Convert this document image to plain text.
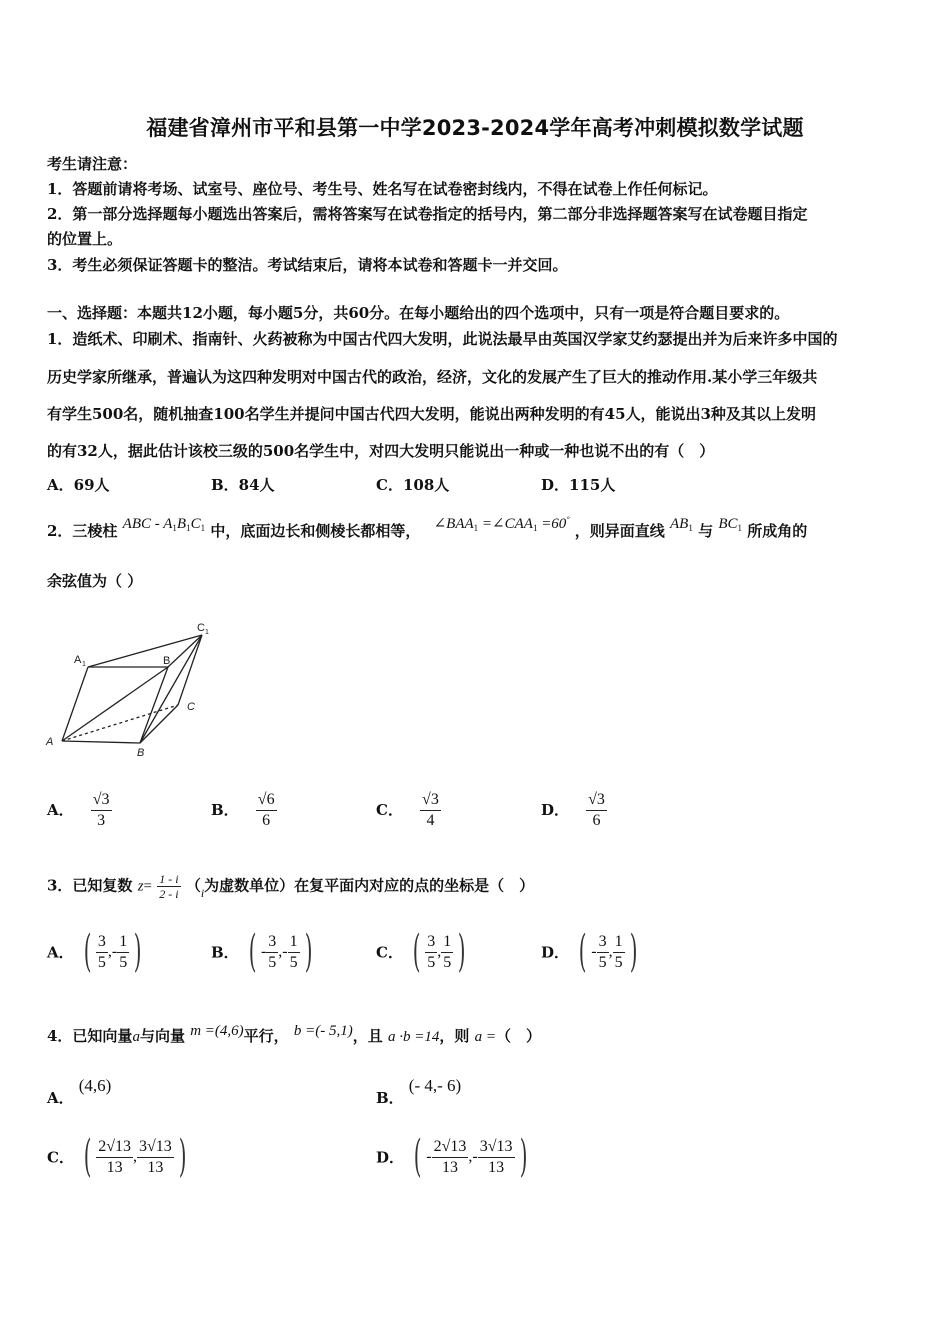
福建省漳州市平和县第一中学2023-2024学年高考冲刺模拟数学试题
考生请注意：
1．答题前请将考场、试室号、座位号、考生号、姓名写在试卷密封线内，不得在试卷上作任何标记。
2．第一部分选择题每小题选出答案后，需将答案写在试卷指定的括号内，第二部分非选择题答案写在试卷题目指定
的位置上。
3．考生必须保证答题卡的整洁。考试结束后，请将本试卷和答题卡一并交回。
一、选择题：本题共12小题，每小题5分，共60分。在每小题给出的四个选项中，只有一项是符合题目要求的。
1．造纸术、印刷术、指南针、火药被称为中国古代四大发明，此说法最早由英国汉学家艾约瑟提出并为后来许多中国的
历史学家所继承，普遍认为这四种发明对中国古代的政治，经济，文化的发展产生了巨大的推动作用.某小学三年级共
有学生500名，随机抽查100名学生并提问中国古代四大发明，能说出两种发明的有45人，能说出3种及其以上发明
的有32人，据此估计该校三级的500名学生中，对四大发明只能说出一种或一种也说不出的有（　）
A．69人	B．84人	C．108人	D．115人
2．三棱柱 ABC - $A_1B_1C_1$ 中，底面边长和侧棱长都相等， $\angle BAA_1$ $=\angle CAA_1 =60^\circ$ ，则异面直线 $AB_1$ 与 $BC_1$ 所成角的
余弦值为（ ）
A 1	B
C 1
C
A
B
A． $\frac{√3}{3}$	B． $\frac{√6}{6}$	C． $\frac{√3}{4}$	D． $\frac{√3}{6}$
3．已知复数 $z= \frac{1 - i}{2 - i} (_i$为虚数单位）在复平面内对应的点的坐标是（　）
A． ( $\frac{3}{5}$ ,- $\frac{1}{5}$ )	B． ( - $\frac{3}{5}$ ,- $\frac{1}{5}$ )	C． ( $\frac{3}{5}$ , $\frac{1}{5}$ )	D． ( - $\frac{3}{5}$ , $\frac{1}{5}$ )
4．已知向量a与向量 m =(4,6)平行， b =(- 5,1)，且 a ·b =14，则 a =（　）
A． (4,6)
B． (- 4,- 6)
C． ( $\frac{2√13}{13}$ , $\frac{3√13}{13}$ )	D． ( - $\frac{2√13}{13}$ ,- $\frac{3√13}{13}$ )
